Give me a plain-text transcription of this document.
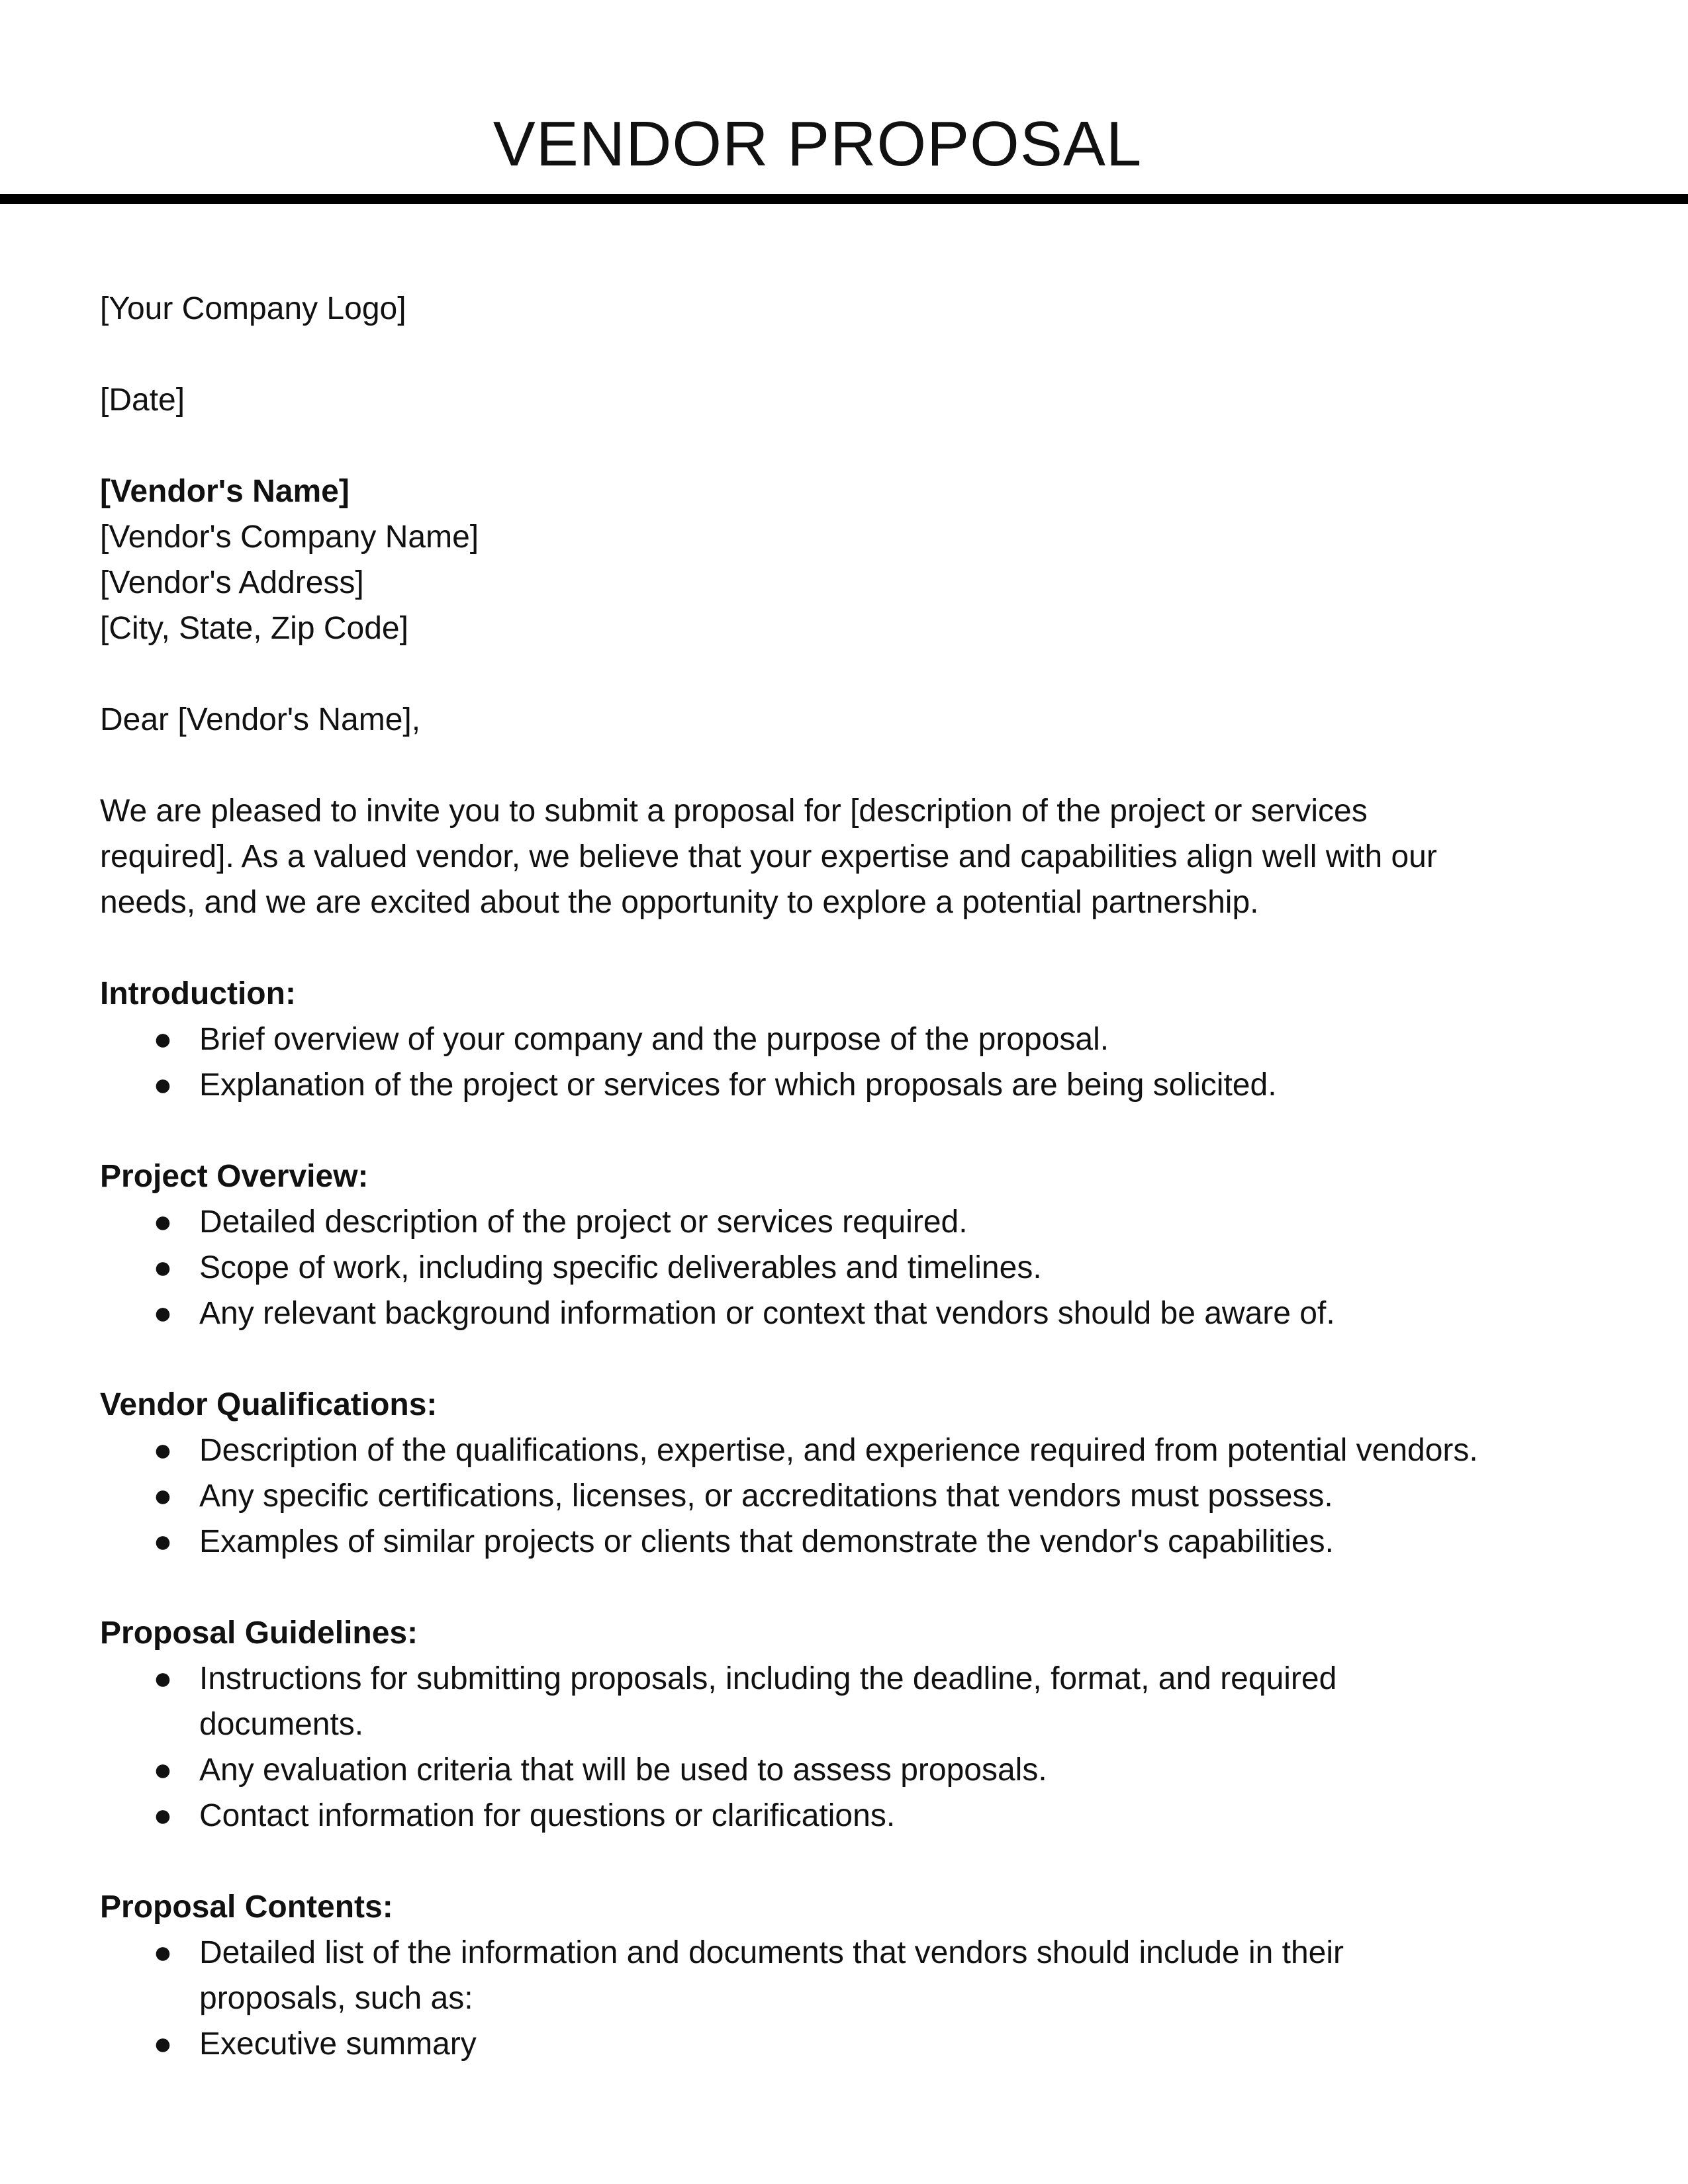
VENDOR PROPOSAL

[Your Company Logo]

[Date]

[Vendor's Name]

[Vendor's Company Name]

[Vendor's Address]

[City, State, Zip Code]

Dear [Vendor's Name],

We are pleased to invite you to submit a proposal for [description of the project or services

required]. As a valued vendor, we believe that your expertise and capabilities align well with our

needs, and we are excited about the opportunity to explore a potential partnership.

Introduction:

● Brief overview of your company and the purpose of the proposal.
● Explanation of the project or services for which proposals are being solicited.

Project Overview:

● Detailed description of the project or services required.
● Scope of work, including specific deliverables and timelines.
● Any relevant background information or context that vendors should be aware of.

Vendor Qualifications:

● Description of the qualifications, expertise, and experience required from potential vendors.
● Any specific certifications, licenses, or accreditations that vendors must possess.
● Examples of similar projects or clients that demonstrate the vendor's capabilities.

Proposal Guidelines:

● Instructions for submitting proposals, including the deadline, format, and required
documents.
● Any evaluation criteria that will be used to assess proposals.
● Contact information for questions or clarifications.

Proposal Contents:

● Detailed list of the information and documents that vendors should include in their
proposals, such as:
● Executive summary
